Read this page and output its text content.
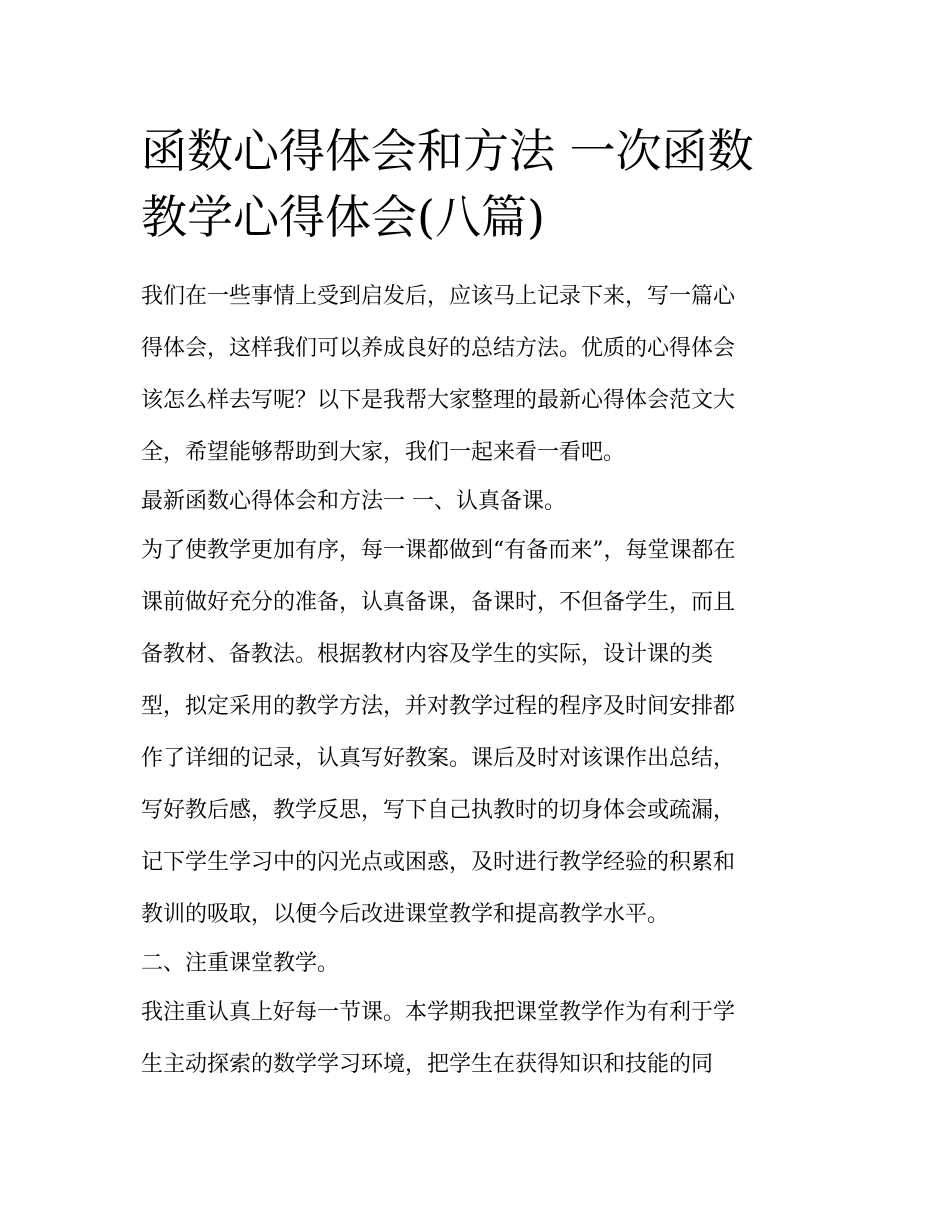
函数心得体会和方法 一次函数
教学心得体会(八篇)
我们在一些事情上受到启发后，应该马上记录下来，写一篇心
得体会，这样我们可以养成良好的总结方法。优质的心得体会
该怎么样去写呢？以下是我帮大家整理的最新心得体会范文大
全，希望能够帮助到大家，我们一起来看一看吧。
最新函数心得体会和方法一 一、认真备课。
为了使教学更加有序，每一课都做到“有备而来”，每堂课都在
课前做好充分的准备，认真备课，备课时，不但备学生，而且
备教材、备教法。根据教材内容及学生的实际，设计课的类
型，拟定采用的教学方法，并对教学过程的程序及时间安排都
作了详细的记录，认真写好教案。课后及时对该课作出总结，
写好教后感，教学反思，写下自己执教时的切身体会或疏漏，
记下学生学习中的闪光点或困惑，及时进行教学经验的积累和
教训的吸取，以便今后改进课堂教学和提高教学水平。
二、注重课堂教学。
我注重认真上好每一节课。本学期我把课堂教学作为有利于学
生主动探索的数学学习环境，把学生在获得知识和技能的同
